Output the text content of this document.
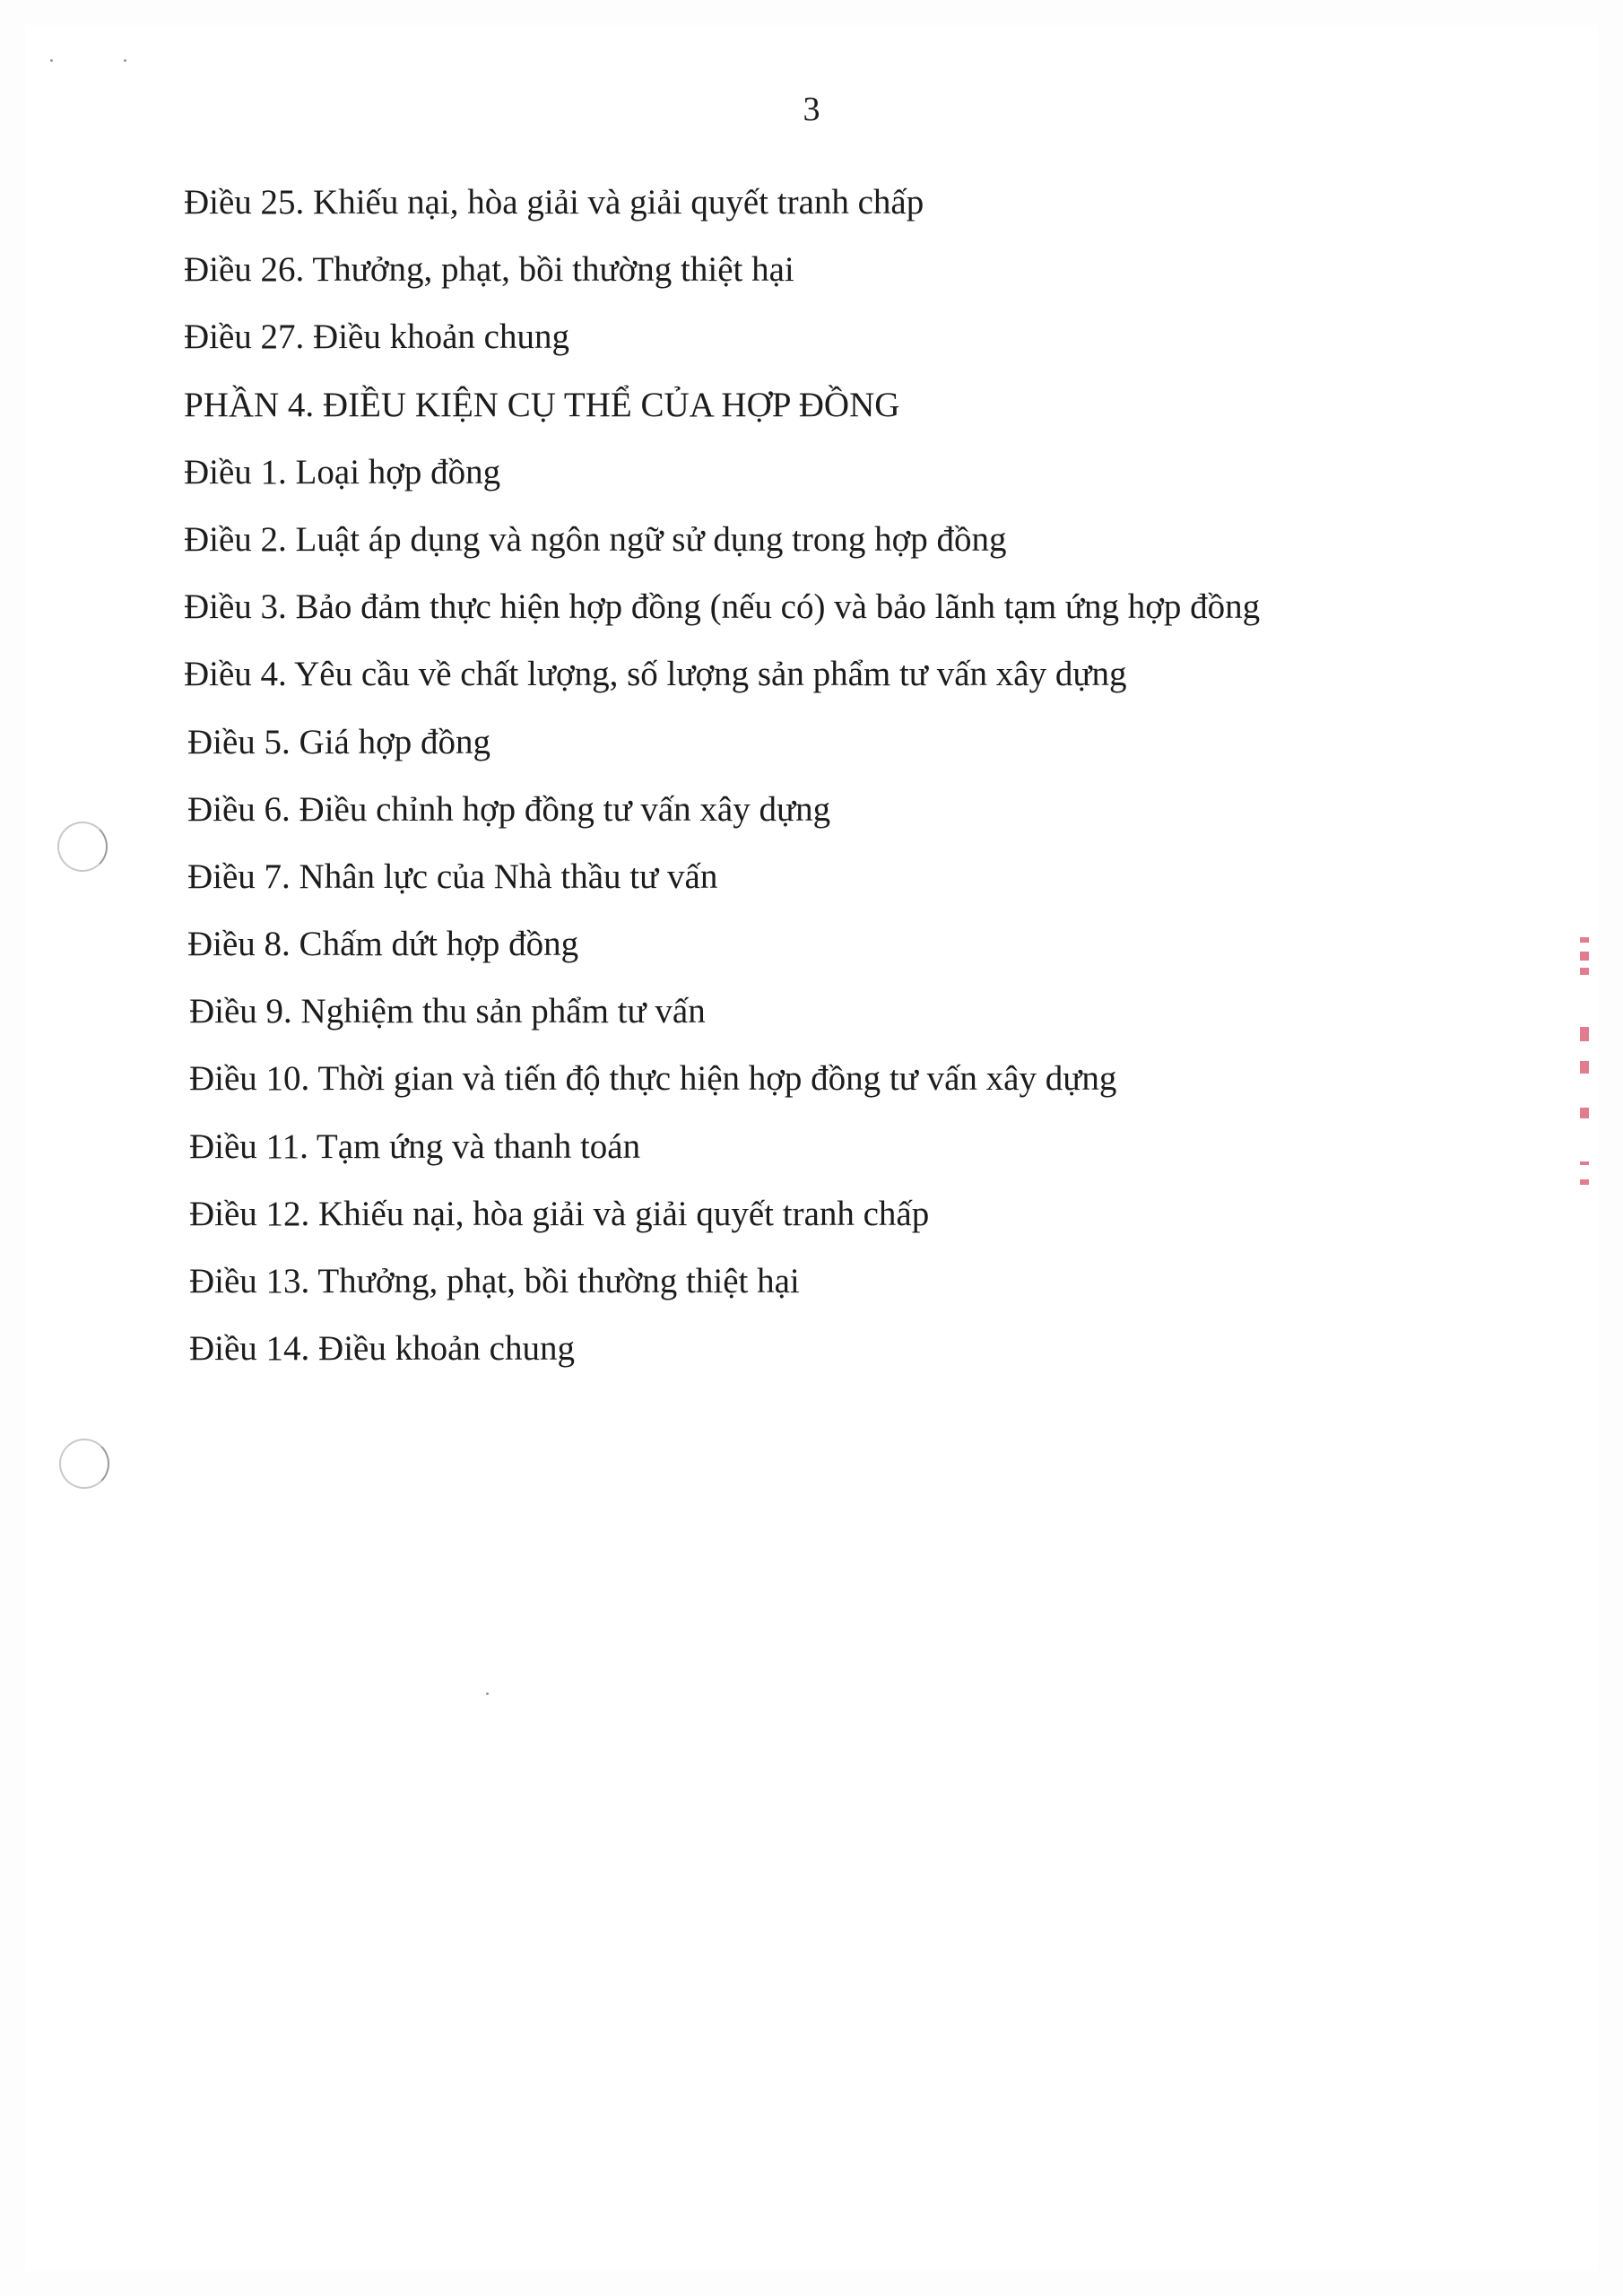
3
Điều 25. Khiếu nại, hòa giải và giải quyết tranh chấp
Điều 26. Thưởng, phạt, bồi thường thiệt hại
Điều 27. Điều khoản chung
PHẦN 4. ĐIỀU KIỆN CỤ THỂ CỦA HỢP ĐỒNG
Điều 1. Loại hợp đồng
Điều 2. Luật áp dụng và ngôn ngữ sử dụng trong hợp đồng
Điều 3. Bảo đảm thực hiện hợp đồng (nếu có) và bảo lãnh tạm ứng hợp đồng
Điều 4. Yêu cầu về chất lượng, số lượng sản phẩm tư vấn xây dựng
Điều 5. Giá hợp đồng
Điều 6. Điều chỉnh hợp đồng tư vấn xây dựng
Điều 7. Nhân lực của Nhà thầu tư vấn
Điều 8. Chấm dứt hợp đồng
Điều 9. Nghiệm thu sản phẩm tư vấn
Điều 10. Thời gian và tiến độ thực hiện hợp đồng tư vấn xây dựng
Điều 11. Tạm ứng và thanh toán
Điều 12. Khiếu nại, hòa giải và giải quyết tranh chấp
Điều 13. Thưởng, phạt, bồi thường thiệt hại
Điều 14. Điều khoản chung
